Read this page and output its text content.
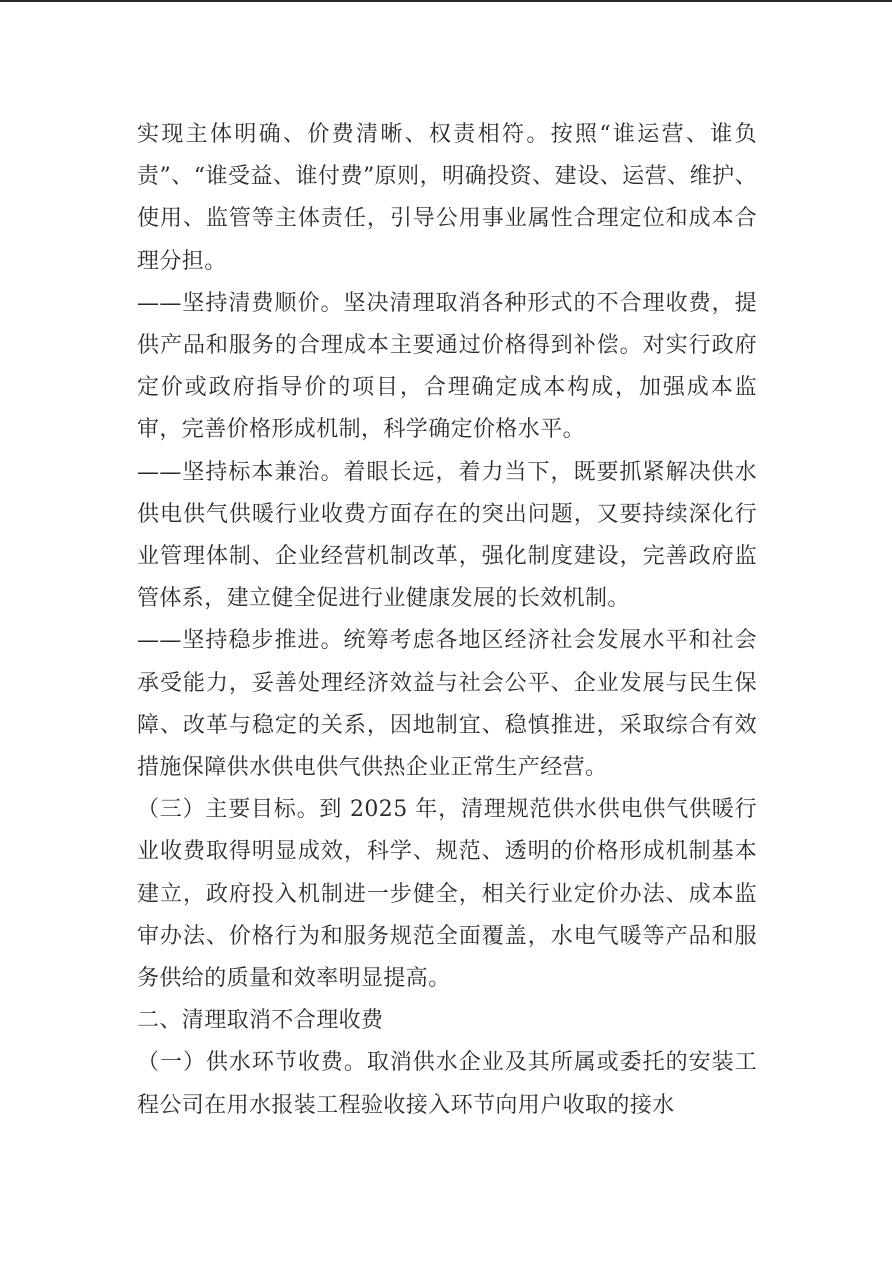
实现主体明确、价费清晰、权责相符。按照“谁运营、谁负责”、“谁受益、谁付费”原则，明确投资、建设、运营、维护、使用、监管等主体责任，引导公用事业属性合理定位和成本合理分担。

——坚持清费顺价。坚决清理取消各种形式的不合理收费，提供产品和服务的合理成本主要通过价格得到补偿。对实行政府定价或政府指导价的项目，合理确定成本构成，加强成本监审，完善价格形成机制，科学确定价格水平。

——坚持标本兼治。着眼长远，着力当下，既要抓紧解决供水供电供气供暖行业收费方面存在的突出问题，又要持续深化行业管理体制、企业经营机制改革，强化制度建设，完善政府监管体系，建立健全促进行业健康发展的长效机制。

——坚持稳步推进。统筹考虑各地区经济社会发展水平和社会承受能力，妥善处理经济效益与社会公平、企业发展与民生保障、改革与稳定的关系，因地制宜、稳慎推进，采取综合有效措施保障供水供电供气供热企业正常生产经营。

（三）主要目标。到 2025 年，清理规范供水供电供气供暖行业收费取得明显成效，科学、规范、透明的价格形成机制基本建立，政府投入机制进一步健全，相关行业定价办法、成本监审办法、价格行为和服务规范全面覆盖，水电气暖等产品和服务供给的质量和效率明显提高。

二、清理取消不合理收费

（一）供水环节收费。取消供水企业及其所属或委托的安装工程公司在用水报装工程验收接入环节向用户收取的接水
